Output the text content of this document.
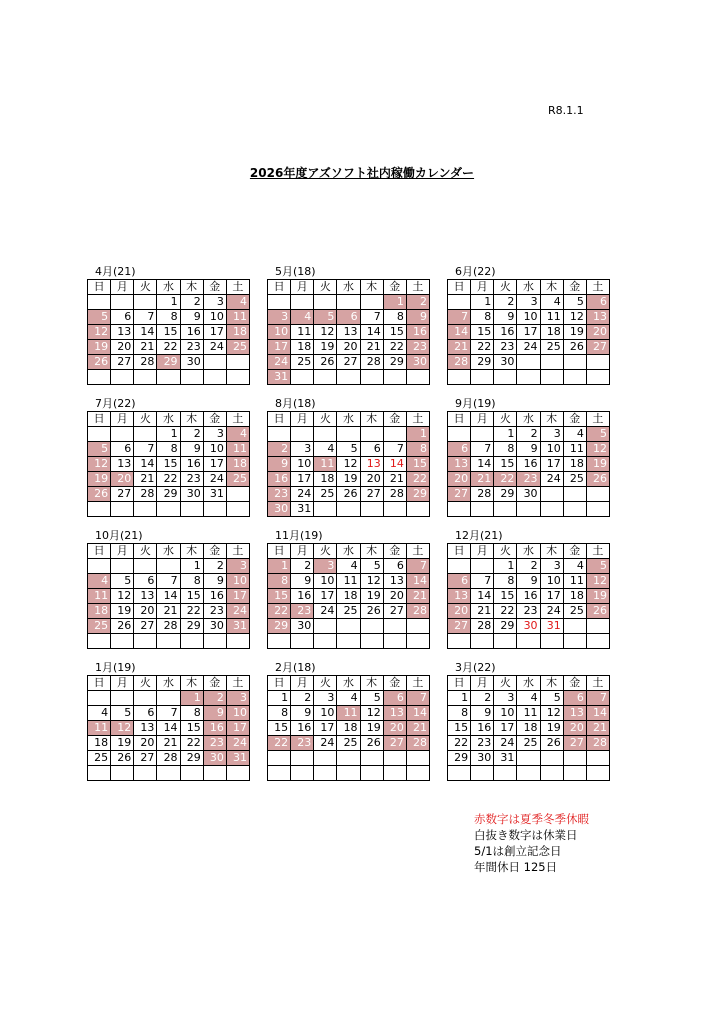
R8.1.1
2026年度アズソフト社内稼働カレンダー
4月(21)
日	月	火	水	木	金	土
			1	2	3	4
5	6	7	8	9	10	11
12	13	14	15	16	17	18
19	20	21	22	23	24	25
26	27	28	29	30		

5月(18)
日	月	火	水	木	金	土
					1	2
3	4	5	6	7	8	9
10	11	12	13	14	15	16
17	18	19	20	21	22	23
24	25	26	27	28	29	30
31						
6月(22)
日	月	火	水	木	金	土
	1	2	3	4	5	6
7	8	9	10	11	12	13
14	15	16	17	18	19	20
21	22	23	24	25	26	27
28	29	30				

7月(22)
日	月	火	水	木	金	土
			1	2	3	4
5	6	7	8	9	10	11
12	13	14	15	16	17	18
19	20	21	22	23	24	25
26	27	28	29	30	31	

8月(18)
日	月	火	水	木	金	土
						1
2	3	4	5	6	7	8
9	10	11	12	13	14	15
16	17	18	19	20	21	22
23	24	25	26	27	28	29
30	31					
9月(19)
日	月	火	水	木	金	土
		1	2	3	4	5
6	7	8	9	10	11	12
13	14	15	16	17	18	19
20	21	22	23	24	25	26
27	28	29	30			

10月(21)
日	月	火	水	木	金	土
				1	2	3
4	5	6	7	8	9	10
11	12	13	14	15	16	17
18	19	20	21	22	23	24
25	26	27	28	29	30	31

11月(19)
日	月	火	水	木	金	土
1	2	3	4	5	6	7
8	9	10	11	12	13	14
15	16	17	18	19	20	21
22	23	24	25	26	27	28
29	30					

12月(21)
日	月	火	水	木	金	土
		1	2	3	4	5
6	7	8	9	10	11	12
13	14	15	16	17	18	19
20	21	22	23	24	25	26
27	28	29	30	31		

1月(19)
日	月	火	水	木	金	土
				1	2	3
4	5	6	7	8	9	10
11	12	13	14	15	16	17
18	19	20	21	22	23	24
25	26	27	28	29	30	31

2月(18)
日	月	火	水	木	金	土
1	2	3	4	5	6	7
8	9	10	11	12	13	14
15	16	17	18	19	20	21
22	23	24	25	26	27	28

3月(22)
日	月	火	水	木	金	土
1	2	3	4	5	6	7
8	9	10	11	12	13	14
15	16	17	18	19	20	21
22	23	24	25	26	27	28
29	30	31				

赤数字は夏季冬季休暇
白抜き数字は休業日
5/1は創立記念日
年間休日 125日
